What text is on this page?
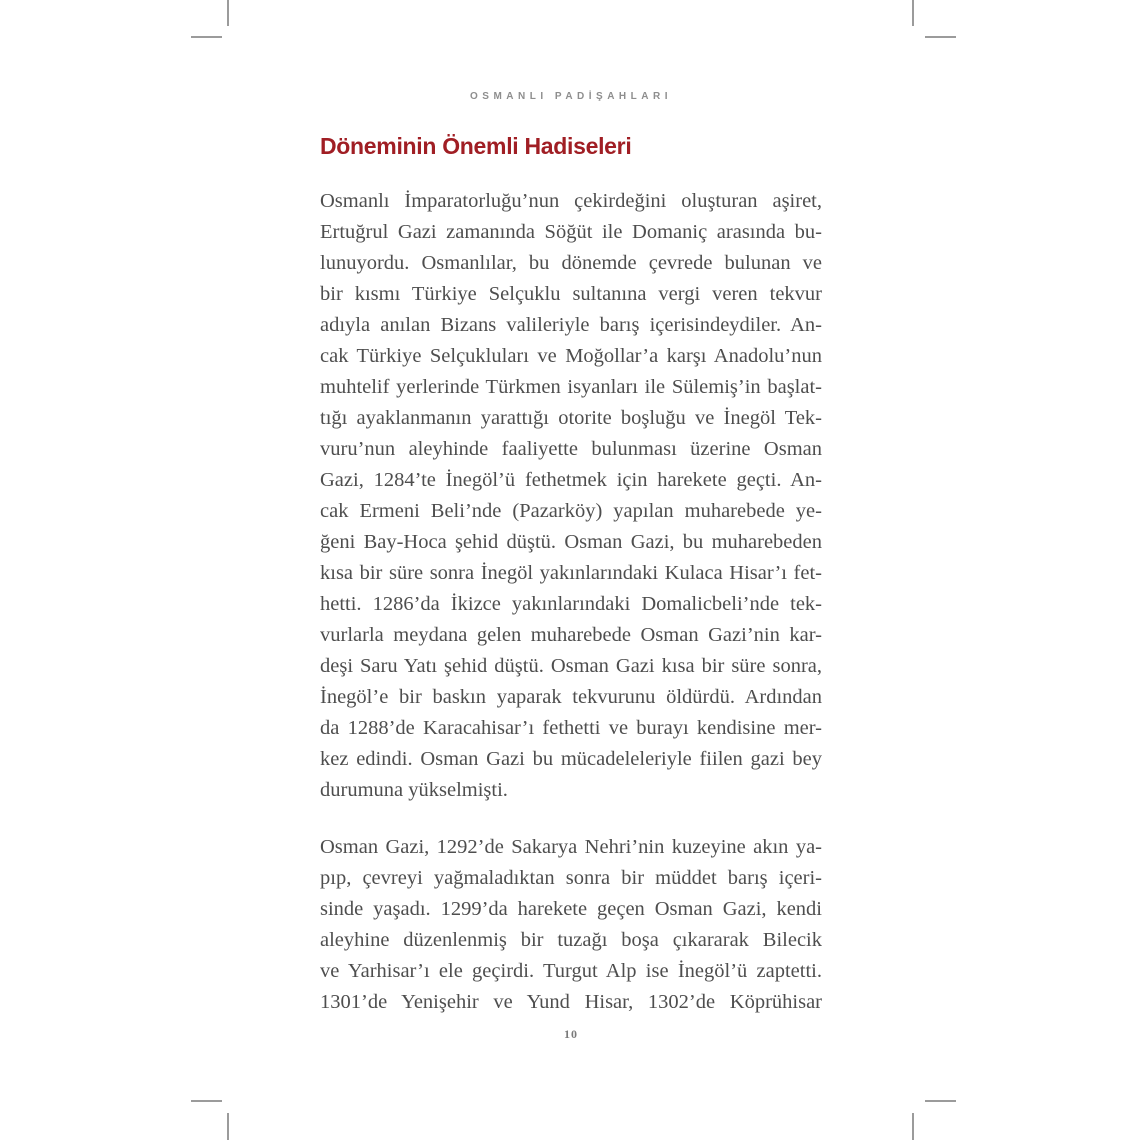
OSMANLI PADİŞAHLARI
Döneminin Önemli Hadiseleri
Osmanlı İmparatorluğu’nun çekirdeğini oluşturan aşiret,
Ertuğrul Gazi zamanında Söğüt ile Domaniç arasında bu-
lunuyordu. Osmanlılar, bu dönemde çevrede bulunan ve
bir kısmı Türkiye Selçuklu sultanına vergi veren tekvur
adıyla anılan Bizans valileriyle barış içerisindeydiler. An-
cak Türkiye Selçukluları ve Moğollar’a karşı Anadolu’nun
muhtelif yerlerinde Türkmen isyanları ile Sülemiş’in başlat-
tığı ayaklanmanın yarattığı otorite boşluğu ve İnegöl Tek-
vuru’nun aleyhinde faaliyette bulunması üzerine Osman
Gazi, 1284’te İnegöl’ü fethetmek için harekete geçti. An-
cak Ermeni Beli’nde (Pazarköy) yapılan muharebede ye-
ğeni Bay-Hoca şehid düştü. Osman Gazi, bu muharebeden
kısa bir süre sonra İnegöl yakınlarındaki Kulaca Hisar’ı fet-
hetti. 1286’da İkizce yakınlarındaki Domalicbeli’nde tek-
vurlarla meydana gelen muharebede Osman Gazi’nin kar-
deşi Saru Yatı şehid düştü. Osman Gazi kısa bir süre sonra,
İnegöl’e bir baskın yaparak tekvurunu öldürdü. Ardından
da 1288’de Karacahisar’ı fethetti ve burayı kendisine mer-
kez edindi. Osman Gazi bu mücadeleleriyle fiilen gazi bey
durumuna yükselmişti.
Osman Gazi, 1292’de Sakarya Nehri’nin kuzeyine akın ya-
pıp, çevreyi yağmaladıktan sonra bir müddet barış içeri-
sinde yaşadı. 1299’da harekete geçen Osman Gazi, kendi
aleyhine düzenlenmiş bir tuzağı boşa çıkararak Bilecik
ve Yarhisar’ı ele geçirdi. Turgut Alp ise İnegöl’ü zaptetti.
1301’de Yenişehir ve Yund Hisar, 1302’de Köprühisar
10
